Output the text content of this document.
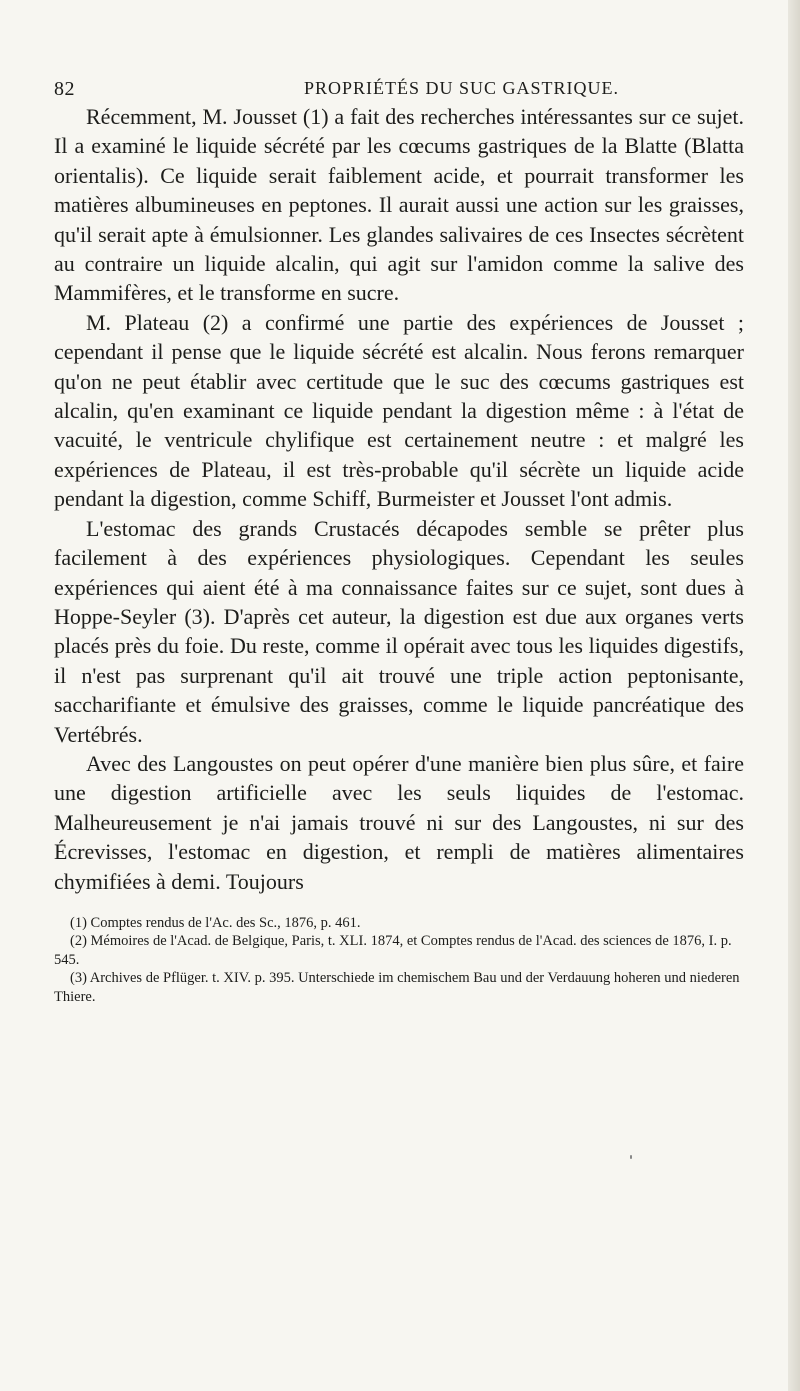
82	PROPRIÉTÉS DU SUC GASTRIQUE.

Récemment, M. Jousset (1) a fait des recherches intéressantes sur ce sujet. Il a examiné le liquide sécrété par les cœcums gastriques de la Blatte (Blatta orientalis). Ce liquide serait faiblement acide, et pourrait transformer les matières albumineuses en peptones. Il aurait aussi une action sur les graisses, qu'il serait apte à émulsionner. Les glandes salivaires de ces Insectes sécrètent au contraire un liquide alcalin, qui agit sur l'amidon comme la salive des Mammifères, et le transforme en sucre.

M. Plateau (2) a confirmé une partie des expériences de Jousset ; cependant il pense que le liquide sécrété est alcalin. Nous ferons remarquer qu'on ne peut établir avec certitude que le suc des cœcums gastriques est alcalin, qu'en examinant ce liquide pendant la digestion même : à l'état de vacuité, le ventricule chylifique est certainement neutre : et malgré les expériences de Plateau, il est très-probable qu'il sécrète un liquide acide pendant la digestion, comme Schiff, Burmeister et Jousset l'ont admis.

L'estomac des grands Crustacés décapodes semble se prêter plus facilement à des expériences physiologiques. Cependant les seules expériences qui aient été à ma connaissance faites sur ce sujet, sont dues à Hoppe-Seyler (3). D'après cet auteur, la digestion est due aux organes verts placés près du foie. Du reste, comme il opérait avec tous les liquides digestifs, il n'est pas surprenant qu'il ait trouvé une triple action peptonisante, saccharifiante et émulsive des graisses, comme le liquide pancréatique des Vertébrés.

Avec des Langoustes on peut opérer d'une manière bien plus sûre, et faire une digestion artificielle avec les seuls liquides de l'estomac. Malheureusement je n'ai jamais trouvé ni sur des Langoustes, ni sur des Écrevisses, l'estomac en digestion, et rempli de matières alimentaires chymifiées à demi. Toujours

(1) Comptes rendus de l'Ac. des Sc., 1876, p. 461.

(2) Mémoires de l'Acad. de Belgique, Paris, t. XLI. 1874, et Comptes rendus de l'Acad. des sciences de 1876, I. p. 545.

(3) Archives de Pflüger. t. XIV. p. 395. Unterschiede im chemischem Bau und der Verdauung hoheren und niederen Thiere.
